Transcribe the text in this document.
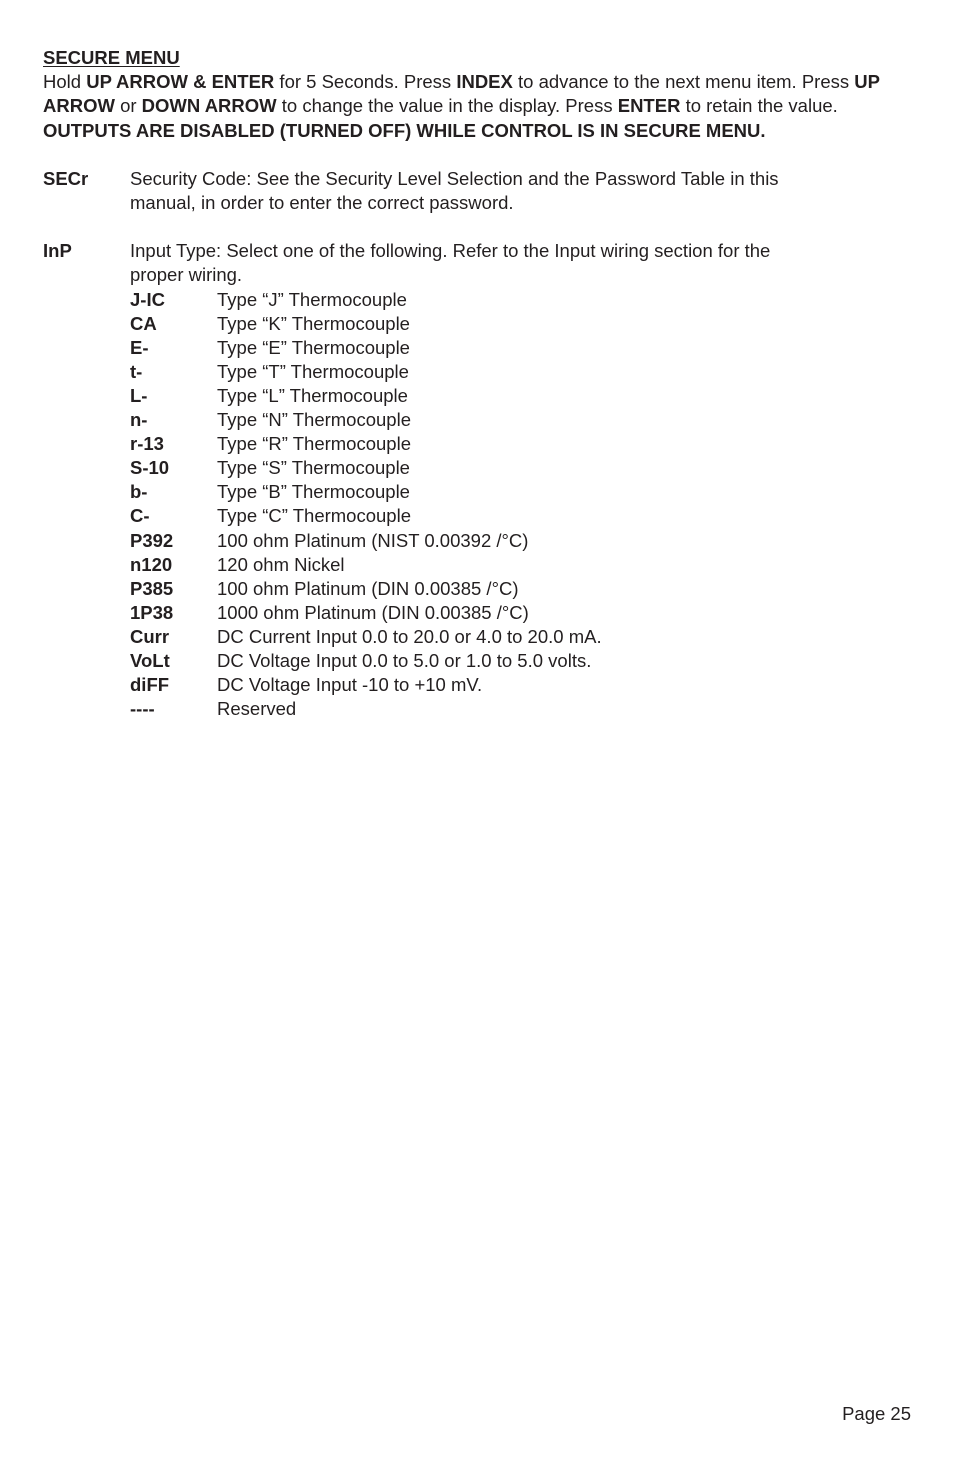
SECURE MENU

Hold UP ARROW & ENTER for 5 Seconds. Press INDEX to advance to the next menu item. Press UP ARROW or DOWN ARROW to change the value in the display. Press ENTER to retain the value. OUTPUTS ARE DISABLED (TURNED OFF) WHILE CONTROL IS IN SECURE MENU.

SECr	Security Code: See the Security Level Selection and the Password Table in this manual, in order to enter the correct password.
InP	Input Type: Select one of the following. Refer to the Input wiring section for the proper wiring.
J-IC	Type “J” Thermocouple
CA	Type “K” Thermocouple
E-	Type “E” Thermocouple
t-	Type “T” Thermocouple
L-	Type “L” Thermocouple
n-	Type “N” Thermocouple
r-13	Type “R” Thermocouple
S-10	Type “S” Thermocouple
b-	Type “B” Thermocouple
C-	Type “C” Thermocouple
P392	100 ohm Platinum (NIST 0.00392 /°C)
n120	120 ohm Nickel
P385	100 ohm Platinum (DIN 0.00385 /°C)
1P38	1000 ohm Platinum (DIN 0.00385 /°C)
Curr	DC Current Input 0.0 to 20.0 or 4.0 to 20.0 mA.
VoLt	DC Voltage Input 0.0 to 5.0 or 1.0 to 5.0 volts.
diFF	DC Voltage Input -10 to +10 mV.
----	Reserved
Page 25
